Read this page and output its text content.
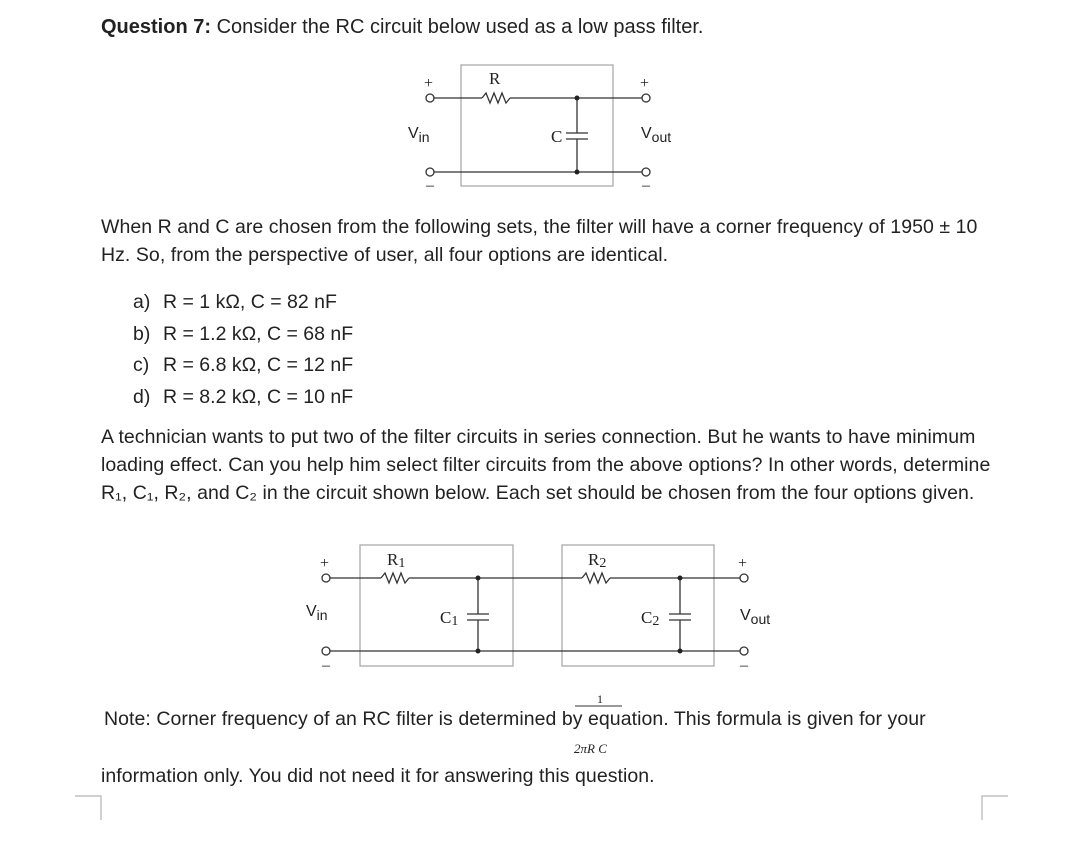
Question 7: Consider the RC circuit below used as a low pass filter.
+	+
–	–
R
C
Vin	Vout
When R and C are chosen from the following sets, the filter will have a corner frequency of 1950 ± 10 Hz. So, from the perspective of user, all four options are identical.
a) R = 1 kΩ, C = 82 nF
b) R = 1.2 kΩ, C = 68 nF
c) R = 6.8 kΩ, C = 12 nF
d) R = 8.2 kΩ, C = 10 nF
A technician wants to put two of the filter circuits in series connection. But he wants to have minimum loading effect. Can you help him select filter circuits from the above options? In other words, determine R₁, C₁, R₂, and C₂ in the circuit shown below. Each set should be chosen from the four options given.
+	+
–	–
R1	R2
C1	C2
Vin	Vout
Note: Corner frequency of an RC filter is determined by equation. This formula is given for your
1
2πR C
information only. You did not need it for answering this question.
